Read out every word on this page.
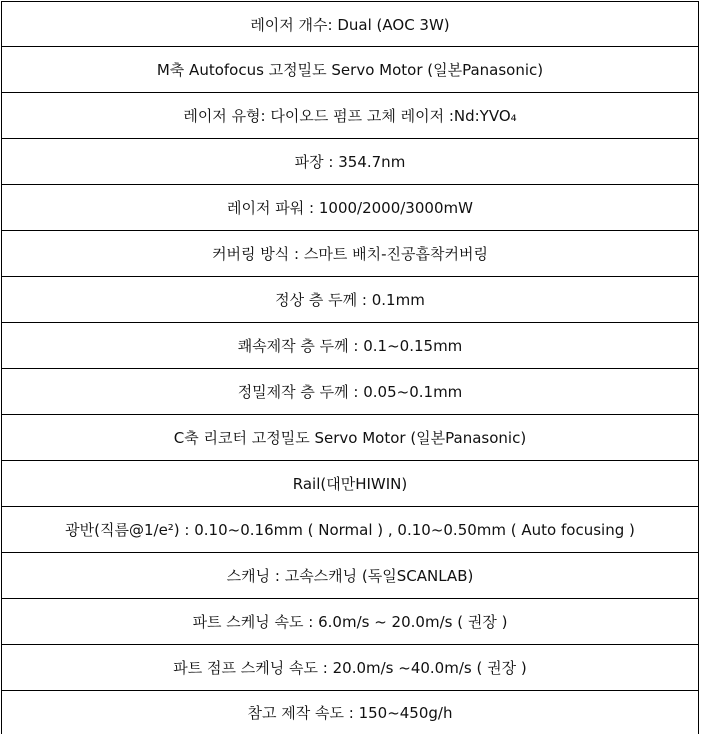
레이저 개수: Dual (AOC 3W)
M축 Autofocus 고정밀도 Servo Motor (일본Panasonic)
레이저 유형: 다이오드 펌프 고체 레이저 :Nd:YVO₄
파장 : 354.7nm
레이저 파워 : 1000/2000/3000mW
커버링 방식 : 스마트 배치-진공흡착커버링
정상 층 두께 : 0.1mm
쾌속제작 층 두께 : 0.1~0.15mm
정밀제작 층 두께 : 0.05~0.1mm
C축 리코터 고정밀도 Servo Motor (일본Panasonic)
Rail(대만HIWIN)
광반(직름@1/e²) : 0.10~0.16mm ( Normal ) , 0.10~0.50mm ( Auto focusing )
스캐닝 : 고속스캐닝 (독일SCANLAB)
파트 스케닝 속도 : 6.0m/s ~ 20.0m/s ( 권장 )
파트 점프 스케닝 속도 : 20.0m/s ~40.0m/s ( 권장 )
참고 제작 속도 : 150~450g/h
